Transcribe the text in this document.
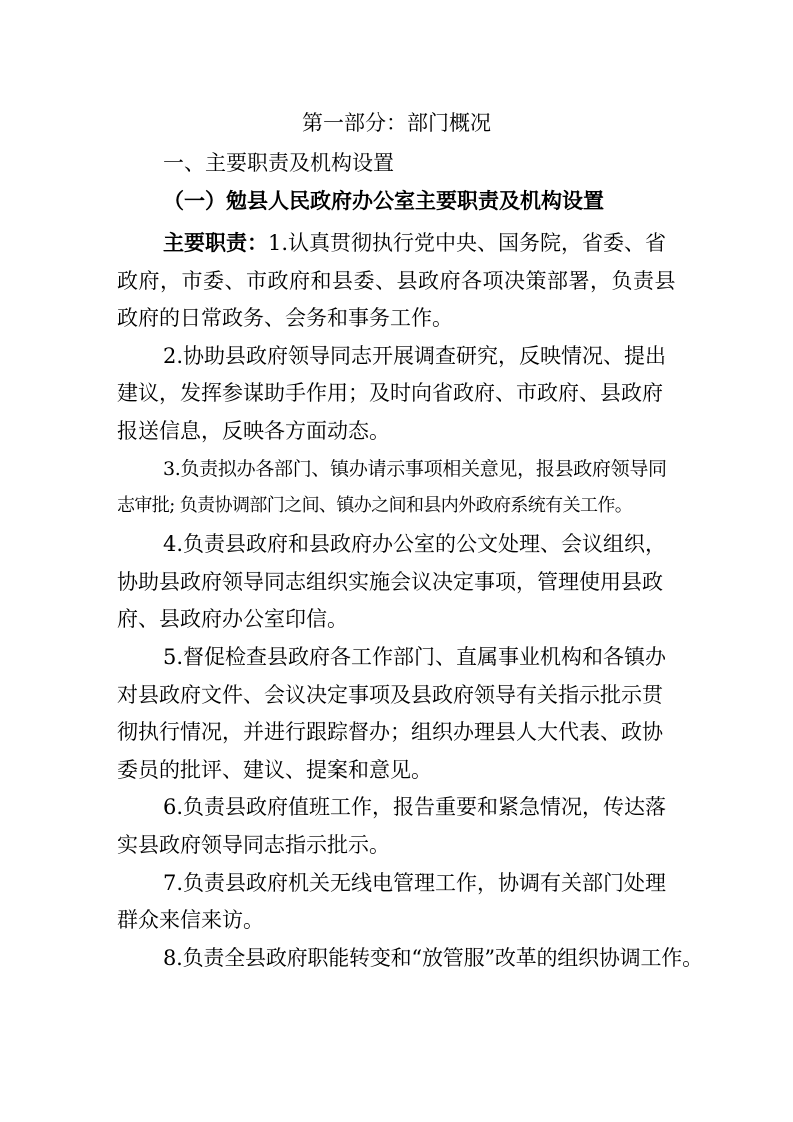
第一部分：部门概况
一、主要职责及机构设置
（一）勉县人民政府办公室主要职责及机构设置
主要职责：1.认真贯彻执行党中央、国务院，省委、省
政府，市委、市政府和县委、县政府各项决策部署，负责县
政府的日常政务、会务和事务工作。
2.协助县政府领导同志开展调查研究，反映情况、提出
建议，发挥参谋助手作用；及时向省政府、市政府、县政府
报送信息，反映各方面动态。
3.负责拟办各部门、镇办请示事项相关意见，报县政府领导同
志审批; 负责协调部门之间、镇办之间和县内外政府系统有关工作。
4.负责县政府和县政府办公室的公文处理、会议组织，
协助县政府领导同志组织实施会议决定事项，管理使用县政
府、县政府办公室印信。
5.督促检查县政府各工作部门、直属事业机构和各镇办
对县政府文件、会议决定事项及县政府领导有关指示批示贯
彻执行情况，并进行跟踪督办；组织办理县人大代表、政协
委员的批评、建议、提案和意见。
6.负责县政府值班工作，报告重要和紧急情况，传达落
实县政府领导同志指示批示。
7.负责县政府机关无线电管理工作，协调有关部门处理
群众来信来访。
8.负责全县政府职能转变和“放管服”改革的组织协调工作。
